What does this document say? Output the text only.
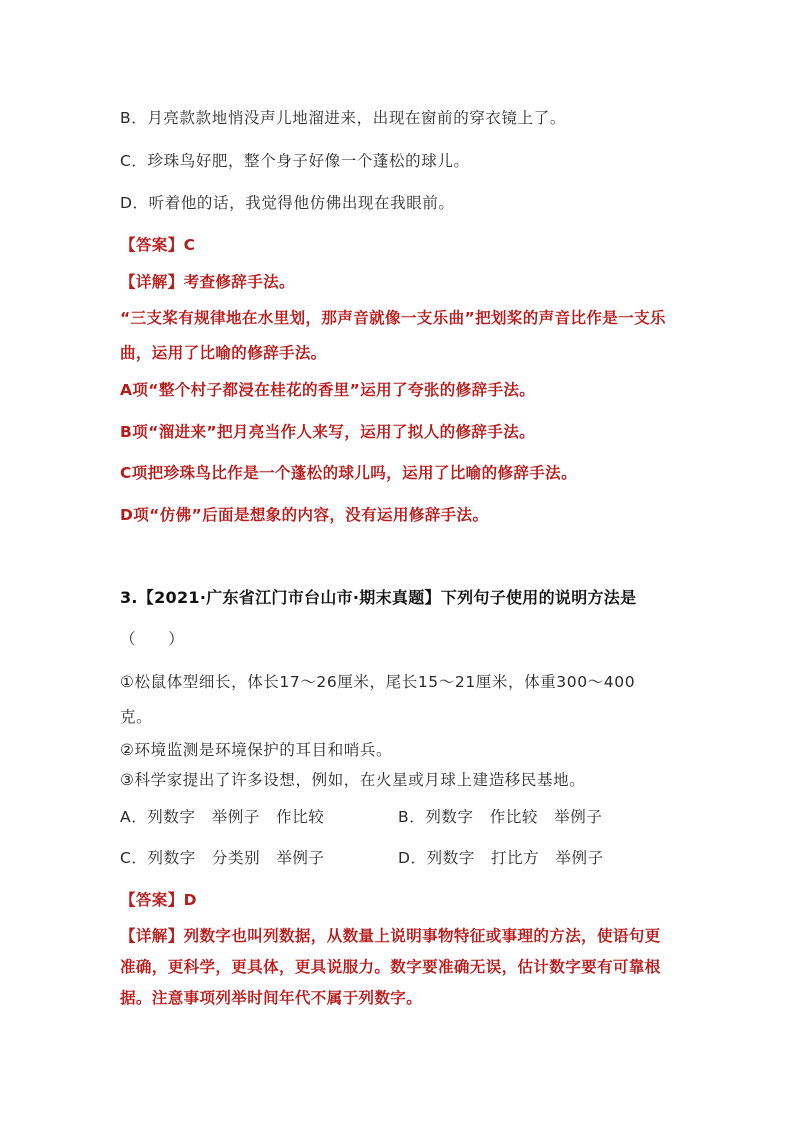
B．月亮款款地悄没声儿地溜进来，出现在窗前的穿衣镜上了。
C．珍珠鸟好肥，整个身子好像一个蓬松的球儿。
D．听着他的话，我觉得他仿佛出现在我眼前。
【答案】C
【详解】考查修辞手法。
“三支桨有规律地在水里划，那声音就像一支乐曲”把划桨的声音比作是一支乐
曲，运用了比喻的修辞手法。
A项“整个村子都浸在桂花的香里”运用了夸张的修辞手法。
B项“溜进来”把月亮当作人来写，运用了拟人的修辞手法。
C项把珍珠鸟比作是一个蓬松的球儿吗，运用了比喻的修辞手法。
D项“仿佛”后面是想象的内容，没有运用修辞手法。
3.【2021·广东省江门市台山市·期末真题】下列句子使用的说明方法是
（　　）
①松鼠体型细长，体长17～26厘米，尾长15～21厘米，体重300～400
克。
②环境监测是环境保护的耳目和哨兵。
③科学家提出了许多设想，例如，在火星或月球上建造移民基地。
A．列数字　举例子　作比较	B．列数字　作比较　举例子
C．列数字　分类别　举例子	D．列数字　打比方　举例子
【答案】D
【详解】列数字也叫列数据，从数量上说明事物特征或事理的方法，使语句更
准确，更科学，更具体，更具说服力。数字要准确无误，估计数字要有可靠根
据。注意事项列举时间年代不属于列数字。
